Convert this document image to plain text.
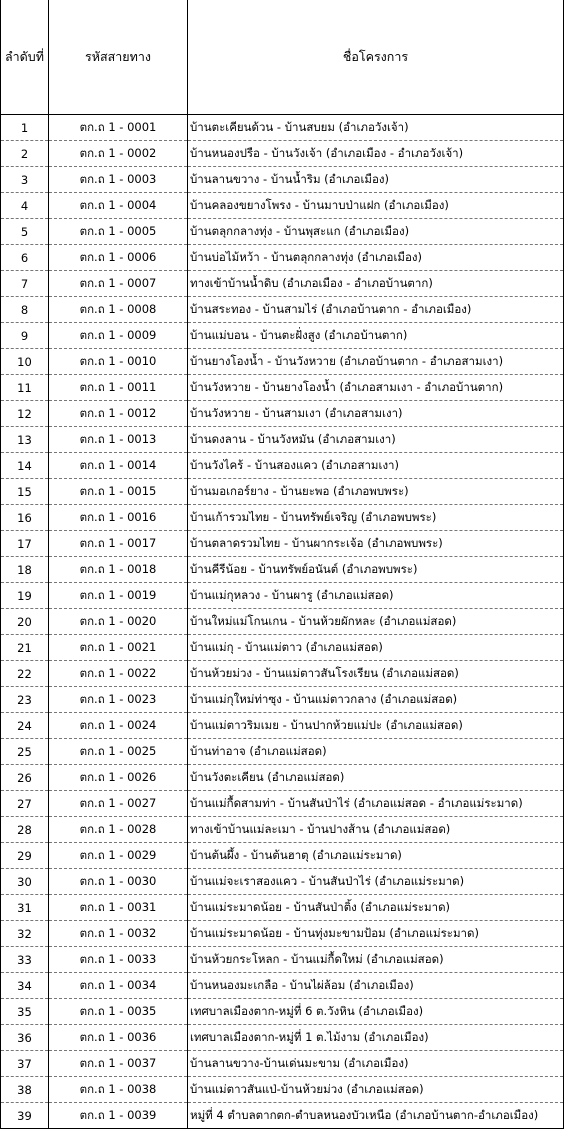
ลำดับที่	รหัสสายทาง	ชื่อโครงการ
1	ตก.ถ 1 - 0001	บ้านตะเคียนด้วน - บ้านสบยม (อำเภอวังเจ้า)
2	ตก.ถ 1 - 0002	บ้านหนองปรือ - บ้านวังเจ้า (อำเภอเมือง - อำเภอวังเจ้า)
3	ตก.ถ 1 - 0003	บ้านลานขวาง - บ้านน้ำริม (อำเภอเมือง)
4	ตก.ถ 1 - 0004	บ้านคลองขยางโพรง - บ้านมาบป่าแฝก (อำเภอเมือง)
5	ตก.ถ 1 - 0005	บ้านตลุกกลางทุ่ง - บ้านพุสะแก (อำเภอเมือง)
6	ตก.ถ 1 - 0006	บ้านบ่อไม้หว้า - บ้านตลุกกลางทุ่ง (อำเภอเมือง)
7	ตก.ถ 1 - 0007	ทางเข้าบ้านน้ำดิบ (อำเภอเมือง - อำเภอบ้านตาก)
8	ตก.ถ 1 - 0008	บ้านสระทอง - บ้านสามไร่ (อำเภอบ้านตาก - อำเภอเมือง)
9	ตก.ถ 1 - 0009	บ้านแม่บอน - บ้านตะฝั่งสูง (อำเภอบ้านตาก)
10	ตก.ถ 1 - 0010	บ้านยางโองน้ำ - บ้านวังหวาย (อำเภอบ้านตาก - อำเภอสามเงา)
11	ตก.ถ 1 - 0011	บ้านวังหวาย - บ้านยางโองน้ำ (อำเภอสามเงา - อำเภอบ้านตาก)
12	ตก.ถ 1 - 0012	บ้านวังหวาย - บ้านสามเงา (อำเภอสามเงา)
13	ตก.ถ 1 - 0013	บ้านดงลาน - บ้านวังหมัน (อำเภอสามเงา)
14	ตก.ถ 1 - 0014	บ้านวังไคร้ - บ้านสองแคว (อำเภอสามเงา)
15	ตก.ถ 1 - 0015	บ้านมอเกอร์ยาง - บ้านยะพอ (อำเภอพบพระ)
16	ตก.ถ 1 - 0016	บ้านเก้ารวมไทย - บ้านทรัพย์เจริญ (อำเภอพบพระ)
17	ตก.ถ 1 - 0017	บ้านตลาดรวมไทย - บ้านผากระเจ้อ (อำเภอพบพระ)
18	ตก.ถ 1 - 0018	บ้านคีรีน้อย - บ้านทรัพย์อนันต์ (อำเภอพบพระ)
19	ตก.ถ 1 - 0019	บ้านแม่กุหลวง - บ้านผารู (อำเภอแม่สอด)
20	ตก.ถ 1 - 0020	บ้านใหม่แม่โกนเกน - บ้านห้วยผักหละ (อำเภอแม่สอด)
21	ตก.ถ 1 - 0021	บ้านแม่กุ - บ้านแม่ตาว (อำเภอแม่สอด)
22	ตก.ถ 1 - 0022	บ้านห้วยม่วง - บ้านแม่ตาวสันโรงเรียน (อำเภอแม่สอด)
23	ตก.ถ 1 - 0023	บ้านแม่กุใหม่ท่าซุง - บ้านแม่ตาวกลาง (อำเภอแม่สอด)
24	ตก.ถ 1 - 0024	บ้านแม่ตาวริมเมย - บ้านปากห้วยแม่ปะ (อำเภอแม่สอด)
25	ตก.ถ 1 - 0025	บ้านท่าอาจ (อำเภอแม่สอด)
26	ตก.ถ 1 - 0026	บ้านวังตะเคียน (อำเภอแม่สอด)
27	ตก.ถ 1 - 0027	บ้านแม่กื้ดสามท่า - บ้านสันป่าไร่ (อำเภอแม่สอด - อำเภอแม่ระมาด)
28	ตก.ถ 1 - 0028	ทางเข้าบ้านแม่ละเมา - บ้านปางส้าน (อำเภอแม่สอด)
29	ตก.ถ 1 - 0029	บ้านต้นผึ้ง - บ้านต้นฮาตุ (อำเภอแม่ระมาด)
30	ตก.ถ 1 - 0030	บ้านแม่จะเราสองแคว - บ้านสันป่าไร่ (อำเภอแม่ระมาด)
31	ตก.ถ 1 - 0031	บ้านแม่ระมาดน้อย - บ้านสันป่าติ้ง (อำเภอแม่ระมาด)
32	ตก.ถ 1 - 0032	บ้านแม่ระมาดน้อย - บ้านทุ่งมะขามป้อม (อำเภอแม่ระมาด)
33	ตก.ถ 1 - 0033	บ้านห้วยกระโหลก - บ้านแม่กื้ดใหม่ (อำเภอแม่สอด)
34	ตก.ถ 1 - 0034	บ้านหนองมะเกลือ - บ้านไผ่ล้อม (อำเภอเมือง)
35	ตก.ถ 1 - 0035	เทศบาลเมืองตาก-หมู่ที่ 6 ต.วังหิน (อำเภอเมือง)
36	ตก.ถ 1 - 0036	เทศบาลเมืองตาก-หมู่ที่ 1 ต.ไม้งาม (อำเภอเมือง)
37	ตก.ถ 1 - 0037	บ้านลานขวาง-บ้านเด่นมะขาม (อำเภอเมือง)
38	ตก.ถ 1 - 0038	บ้านแม่ตาวสันแป่-บ้านห้วยม่วง (อำเภอแม่สอด)
39	ตก.ถ 1 - 0039	หมู่ที่ 4 ตำบลตากตก-ตำบลหนองบัวเหนือ (อำเภอบ้านตาก-อำเภอเมือง)
